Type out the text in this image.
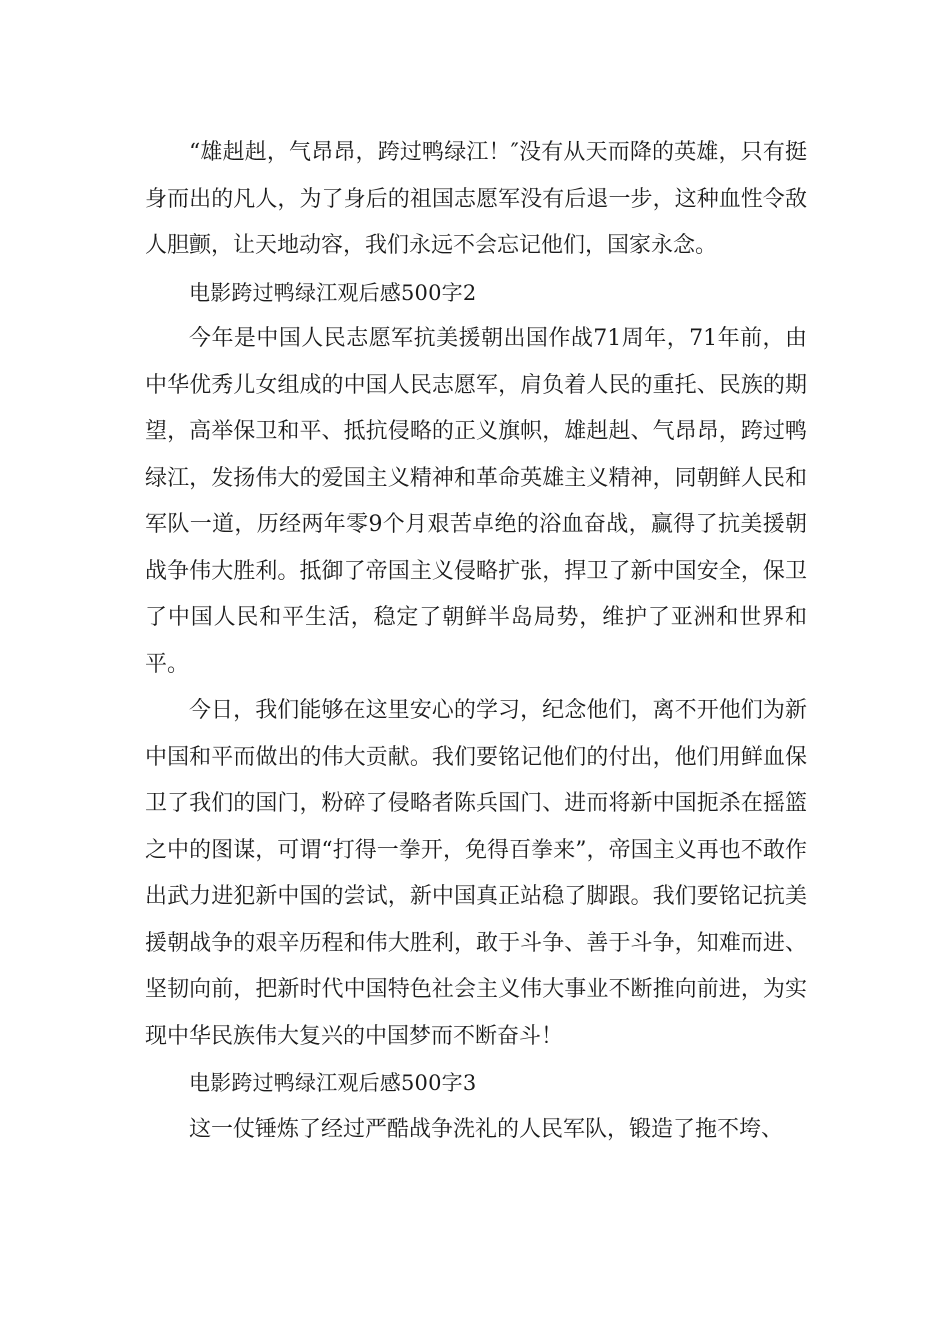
“雄赳赳，气昂昂，跨过鸭绿江！″没有从天而降的英雄，只有挺身而出的凡人，为了身后的祖国志愿军没有后退一步，这种血性令敌人胆颤，让天地动容，我们永远不会忘记他们，国家永念。

电影跨过鸭绿江观后感500字2

今年是中国人民志愿军抗美援朝出国作战71周年，71年前，由中华优秀儿女组成的中国人民志愿军，肩负着人民的重托、民族的期望，高举保卫和平、抵抗侵略的正义旗帜，雄赳赳、气昂昂，跨过鸭绿江，发扬伟大的爱国主义精神和革命英雄主义精神，同朝鲜人民和军队一道，历经两年零9个月艰苦卓绝的浴血奋战，赢得了抗美援朝战争伟大胜利。抵御了帝国主义侵略扩张，捍卫了新中国安全，保卫了中国人民和平生活，稳定了朝鲜半岛局势，维护了亚洲和世界和平。

今日，我们能够在这里安心的学习，纪念他们，离不开他们为新中国和平而做出的伟大贡献。我们要铭记他们的付出，他们用鲜血保卫了我们的国门，粉碎了侵略者陈兵国门、进而将新中国扼杀在摇篮之中的图谋，可谓“打得一拳开，免得百拳来”，帝国主义再也不敢作出武力进犯新中国的尝试，新中国真正站稳了脚跟。我们要铭记抗美援朝战争的艰辛历程和伟大胜利，敢于斗争、善于斗争，知难而进、坚韧向前，把新时代中国特色社会主义伟大事业不断推向前进，为实现中华民族伟大复兴的中国梦而不断奋斗！

电影跨过鸭绿江观后感500字3

这一仗锤炼了经过严酷战争洗礼的人民军队，锻造了拖不垮、
